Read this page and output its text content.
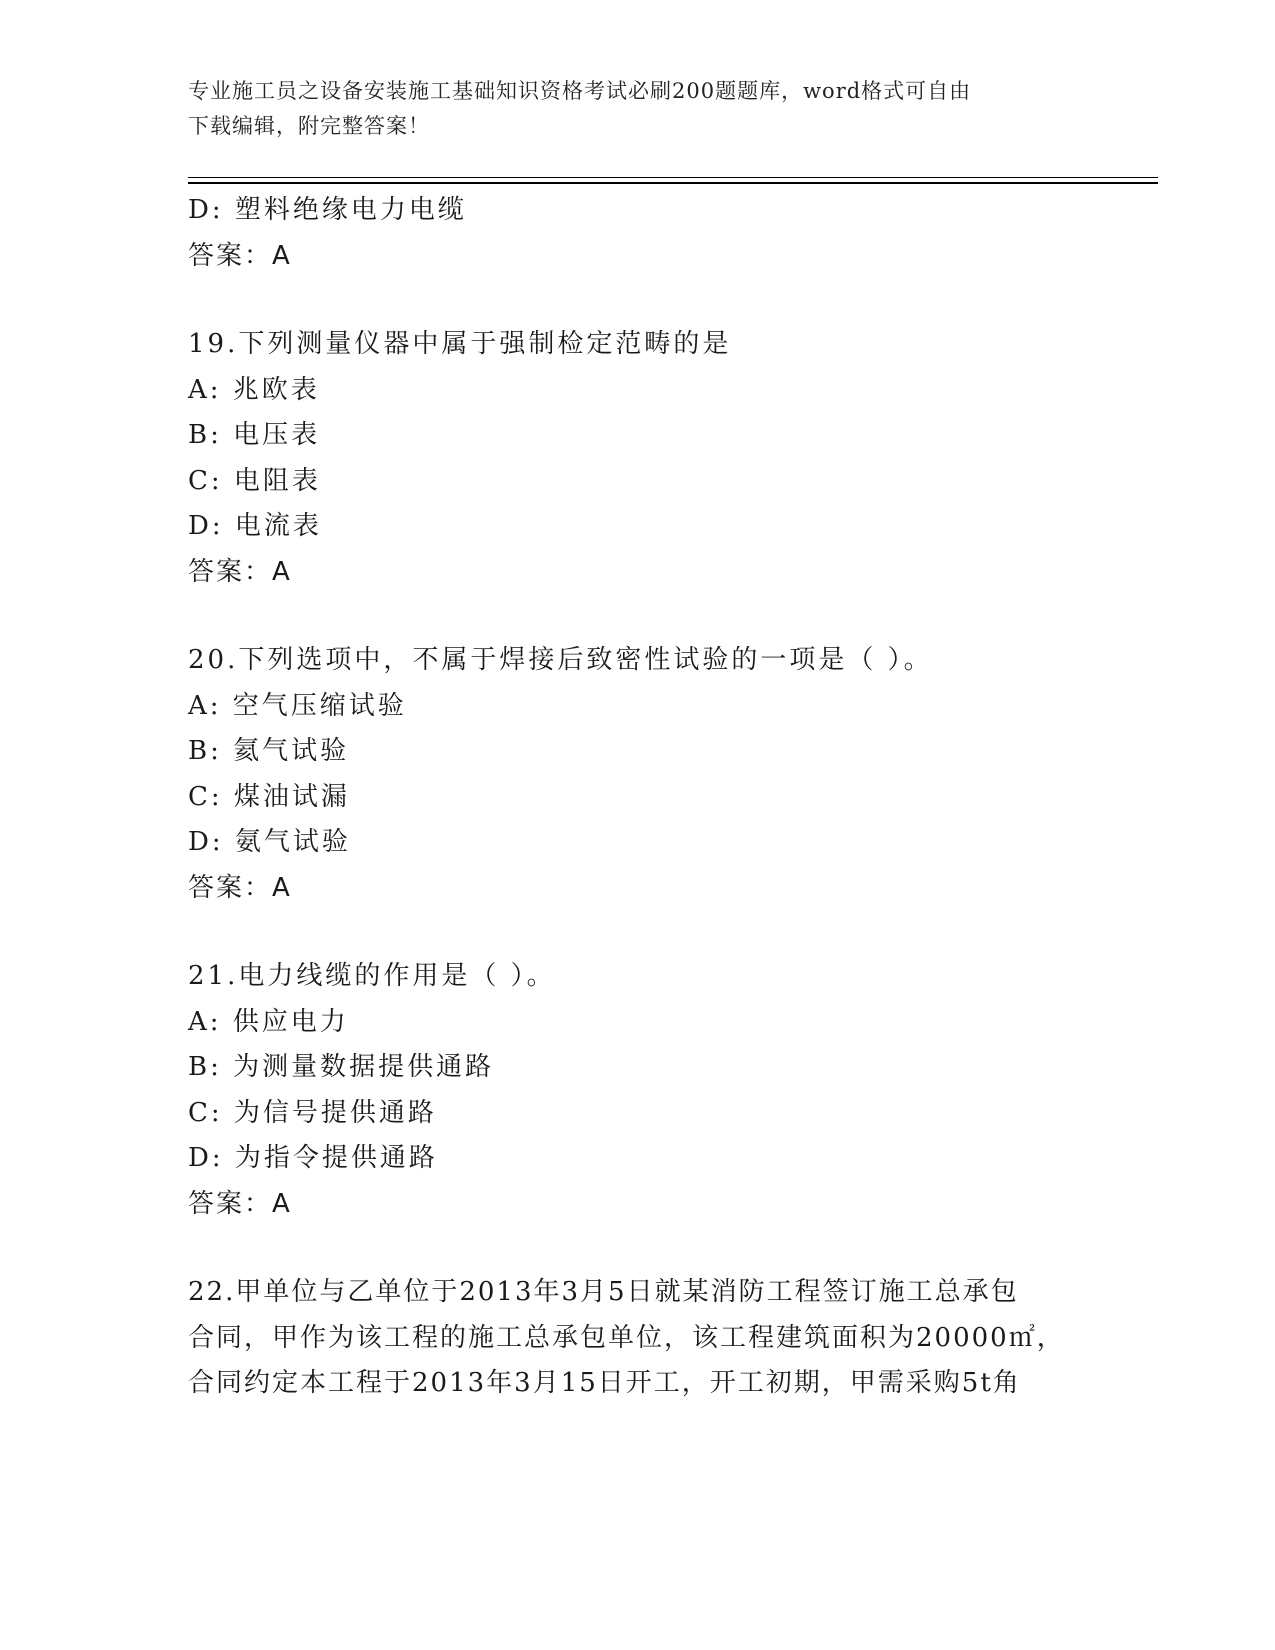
专业施工员之设备安装施工基础知识资格考试必刷200题题库，word格式可自由
下载编辑，附完整答案！
D: 塑料绝缘电力电缆
答案：A
19.下列测量仪器中属于强制检定范畴的是
A: 兆欧表
B: 电压表
C: 电阻表
D: 电流表
答案：A
20.下列选项中，不属于焊接后致密性试验的一项是（ ）。
A: 空气压缩试验
B: 氦气试验
C: 煤油试漏
D: 氨气试验
答案：A
21.电力线缆的作用是（ ）。
A: 供应电力
B: 为测量数据提供通路
C: 为信号提供通路
D: 为指令提供通路
答案：A
22.甲单位与乙单位于2013年3月5日就某消防工程签订施工总承包
合同，甲作为该工程的施工总承包单位，该工程建筑面积为20000㎡，
合同约定本工程于2013年3月15日开工，开工初期，甲需采购5t角
